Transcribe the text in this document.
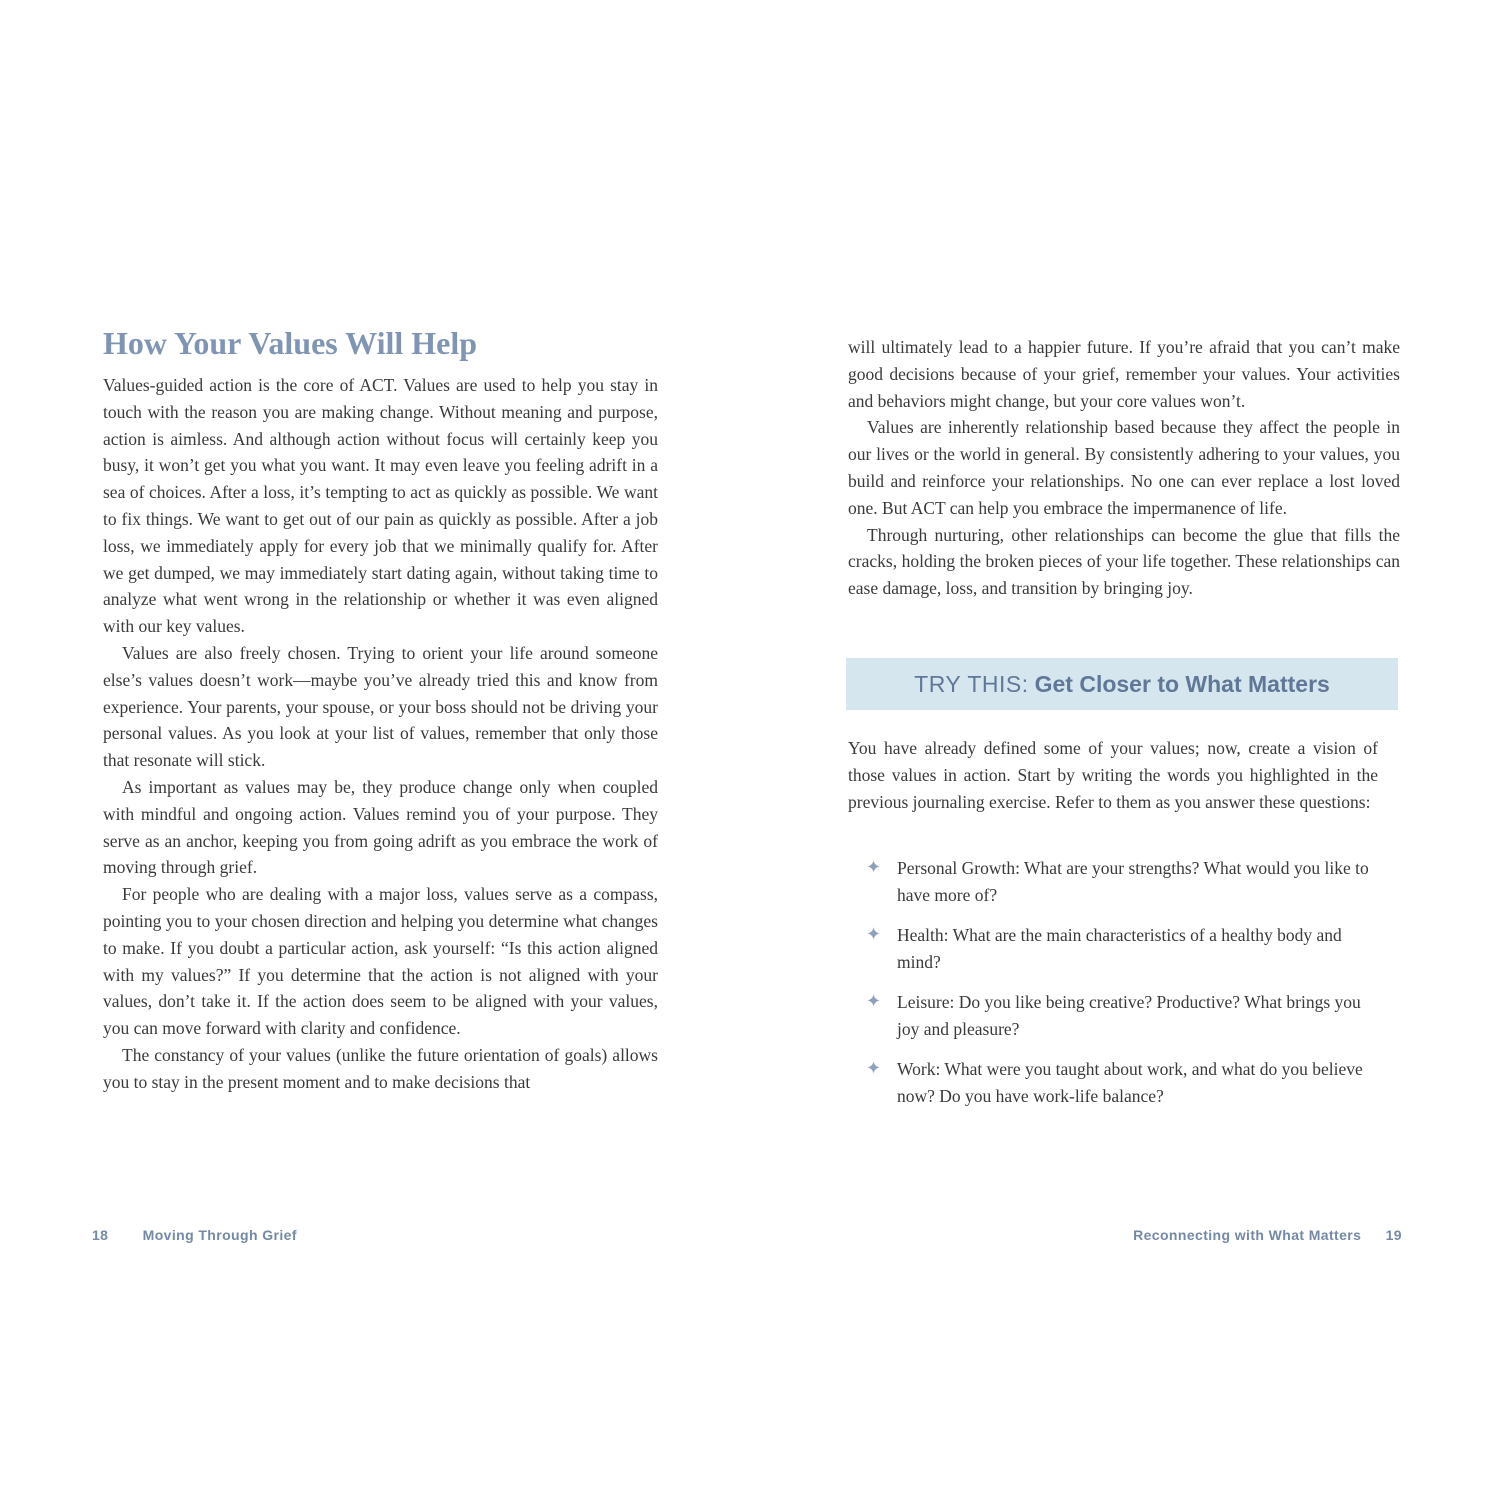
How Your Values Will Help

Values-guided action is the core of ACT. Values are used to help you stay in touch with the reason you are making change. Without meaning and purpose, action is aimless. And although action without focus will certainly keep you busy, it won’t get you what you want. It may even leave you feeling adrift in a sea of choices. After a loss, it’s tempting to act as quickly as possible. We want to fix things. We want to get out of our pain as quickly as possible. After a job loss, we immediately apply for every job that we minimally qualify for. After we get dumped, we may immediately start dating again, without taking time to analyze what went wrong in the relationship or whether it was even aligned with our key values.

Values are also freely chosen. Trying to orient your life around someone else’s values doesn’t work—maybe you’ve already tried this and know from experience. Your parents, your spouse, or your boss should not be driving your personal values. As you look at your list of values, remember that only those that resonate will stick.

As important as values may be, they produce change only when coupled with mindful and ongoing action. Values remind you of your purpose. They serve as an anchor, keeping you from going adrift as you embrace the work of moving through grief.

For people who are dealing with a major loss, values serve as a compass, pointing you to your chosen direction and helping you determine what changes to make. If you doubt a particular action, ask yourself: “Is this action aligned with my values?” If you determine that the action is not aligned with your values, don’t take it. If the action does seem to be aligned with your values, you can move forward with clarity and confidence.

The constancy of your values (unlike the future orientation of goals) allows you to stay in the present moment and to make decisions that

will ultimately lead to a happier future. If you’re afraid that you can’t make good decisions because of your grief, remember your values. Your activities and behaviors might change, but your core values won’t.

Values are inherently relationship based because they affect the people in our lives or the world in general. By consistently adhering to your values, you build and reinforce your relationships. No one can ever replace a lost loved one. But ACT can help you embrace the impermanence of life.

Through nurturing, other relationships can become the glue that fills the cracks, holding the broken pieces of your life together. These relationships can ease damage, loss, and transition by bringing joy.

TRY THIS: Get Closer to What Matters

You have already defined some of your values; now, create a vision of those values in action. Start by writing the words you highlighted in the previous journaling exercise. Refer to them as you answer these questions:

✦ Personal Growth: What are your strengths? What would you like to have more of?
✦ Health: What are the main characteristics of a healthy body and mind?
✦ Leisure: Do you like being creative? Productive? What brings you joy and pleasure?
✦ Work: What were you taught about work, and what do you believe now? Do you have work-life balance?
18 Moving Through Grief	Reconnecting with What Matters 19
